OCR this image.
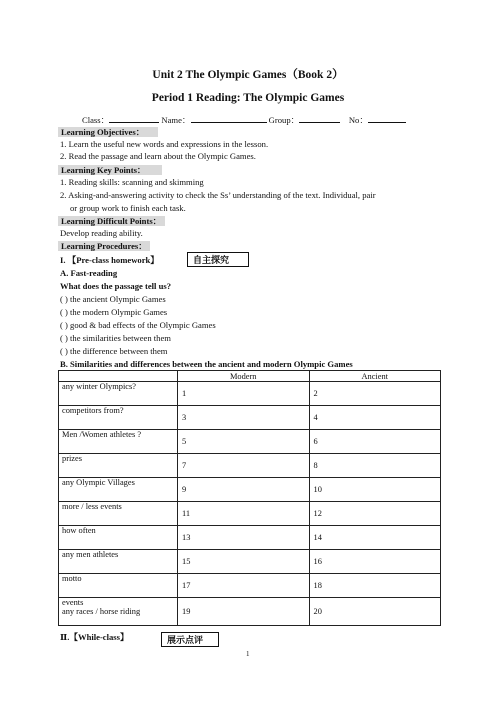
Unit 2 The Olympic Games（Book 2）
Period 1 Reading: The Olympic Games
Class：	Name：	Group：	No：
Learning Objectives：
1. Learn the useful new words and expressions in the lesson.
2. Read the passage and learn about the Olympic Games.
Learning Key Points：
1. Reading skills: scanning and skimming
2. Asking-and-answering activity to check the Ss’ understanding of the text. Individual, pair
or group work to finish each task.
Learning Difficult Points：
Develop reading ability.
Learning Procedures：
I. 【Pre-class homework】	自主探究
A. Fast-reading
What does the passage tell us?
( ) the ancient Olympic Games
( ) the modern Olympic Games
( ) good & bad effects of the Olympic Games
( ) the similarities between them
( ) the difference between them
B. Similarities and differences between the ancient and modern Olympic Games
	Modern	Ancient
any winter Olympics?	1	2
competitors from?	3	4
Men /Women athletes ?	5	6
prizes	7	8
any Olympic Villages	9	10
more / less events	11	12
how often	13	14
any men athletes	15	16
motto	17	18

events
any races / horse riding	19	20
Ⅱ.【While-class】	展示点评
1
